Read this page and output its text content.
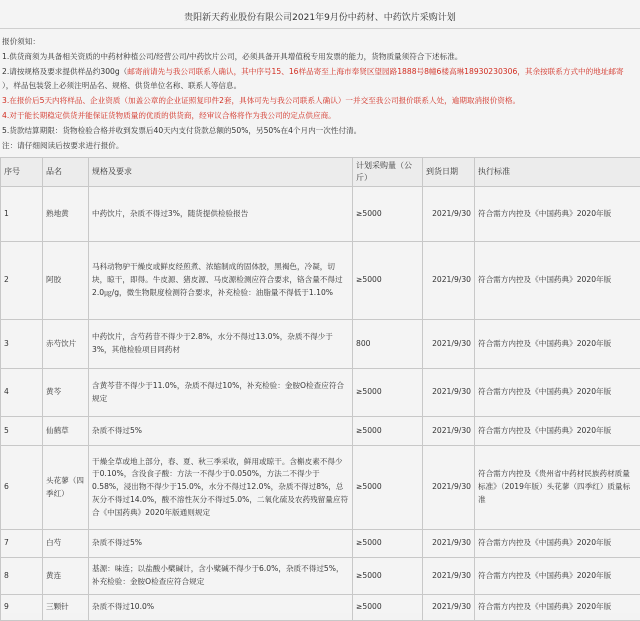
贵阳新天药业股份有限公司2021年9月份中药材、中药饮片采购计划
报价须知：
1.供货商须为具备相关资质的中药材种植公司/经营公司/中药饮片公司，必须具备开具增值税专用发票的能力，货物质量须符合下述标准。
2.请按规格及要求提供样品约300g（邮寄前请先与我公司联系人确认，其中序号15、16样品寄至上海市奉贤区望园路1888号8幢6楼高琳18930230306，其余按联系方式中的地址邮寄
），样品包装袋上必须注明品名、规格、供货单位名称、联系人等信息。
3.在报价后5天内将样品、企业资质（加盖公章的企业证照复印件2套，具体可先与我公司联系人确认）一并交至我公司报价联系人处，逾期取消报价资格。
4.对于能长期稳定供货并能保证货物质量的优质的供货商，经审议合格将作为我公司的定点供应商。
5.货款结算期限：货物检验合格并收到发票后40天内支付货款总额的50%，另50%在4个月内一次性付清。
注：请仔细阅读后按要求进行报价。
序号	品名	规格及要求	计划采购量（公斤）	到货日期	执行标准
1	熟地黄	中药饮片，杂质不得过3%，随货提供检验报告	≥5000	2021/9/30	符合需方内控及《中国药典》2020年版
2	阿胶	马科动物驴干燥皮或鲜皮经煎煮、浓缩制成的固体胶，黑褐色，冷凝，切块，晾干，即得。牛皮源、猪皮源、马皮源检测应符合要求，铬含量不得过2.0㎍/g，微生物限度检测符合要求，补充检验：油脂量不得低于1.10%	≥5000	2021/9/30	符合需方内控及《中国药典》2020年版
3	赤芍饮片	中药饮片，含芍药苷不得少于2.8%，水分不得过13.0%，杂质不得少于3%，其他检验项目同药材	800	2021/9/30	符合需方内控及《中国药典》2020年版
4	黄芩	含黄芩苷不得少于11.0%，杂质不得过10%，补充检验：金胺O检查应符合规定	≥5000	2021/9/30	符合需方内控及《中国药典》2020年版
5	仙鹤草	杂质不得过5%	≥5000	2021/9/30	符合需方内控及《中国药典》2020年版
6	头花蓼（四季红）	干燥全草或地上部分，春、夏、秋三季采收，鲜用或晾干。含槲皮素不得少于0.10%，含没食子酸：方法一不得少于0.050%，方法二不得少于0.58%，浸出物不得少于15.0%，水分不得过12.0%，杂质不得过8%，总灰分不得过14.0%，酸不溶性灰分不得过5.0%，二氧化硫及农药残留量应符合《中国药典》2020年版通则规定	≥5000	2021/9/30	符合需方内控及《贵州省中药材民族药材质量标准》（2019年版）头花蓼（四季红）质量标准
7	白芍	杂质不得过5%	≥5000	2021/9/30	符合需方内控及《中国药典》2020年版
8	黄连	基源：味连；以盐酸小檗碱计，含小檗碱不得少于6.0%，杂质不得过5%，补充检验：金胺O检查应符合规定	≥5000	2021/9/30	符合需方内控及《中国药典》2020年版
9	三颗针	杂质不得过10.0%	≥5000	2021/9/30	符合需方内控及《中国药典》2020年版
